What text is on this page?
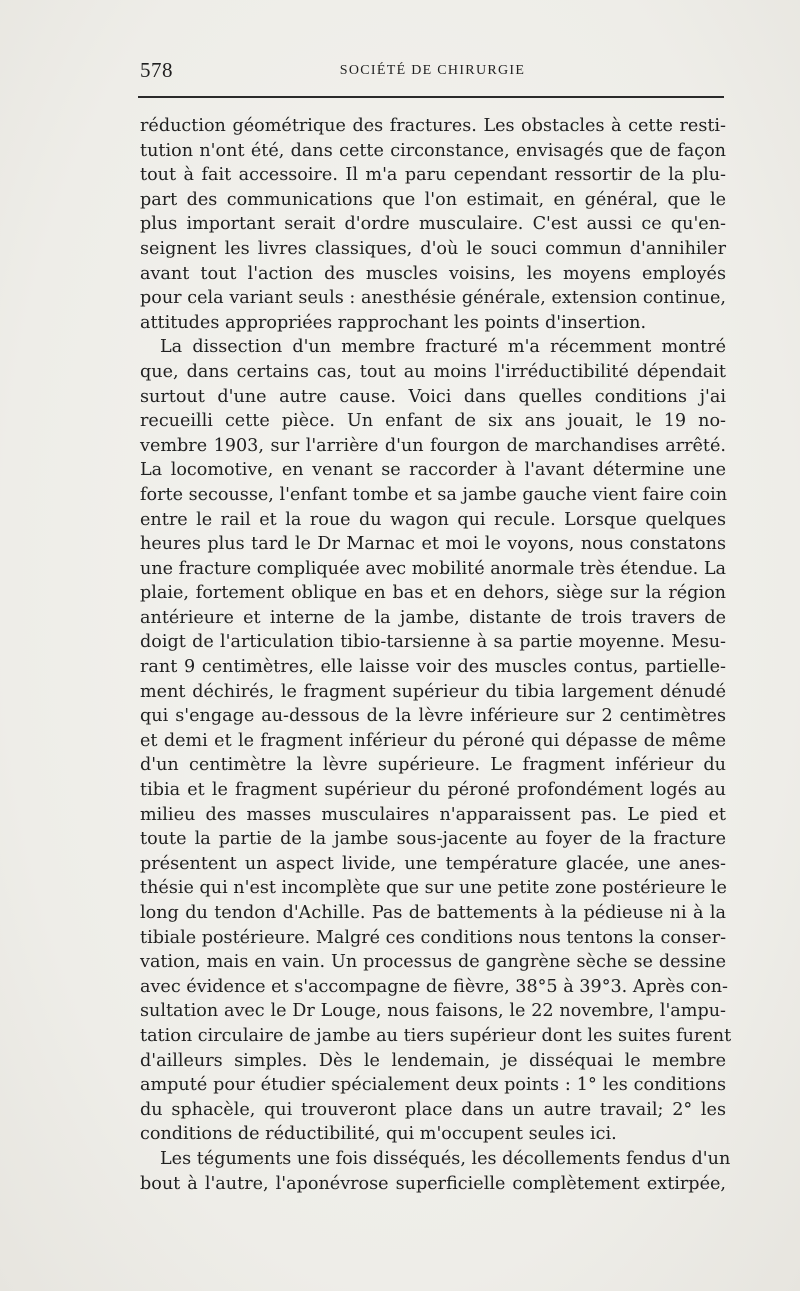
578	SOCIÉTÉ DE CHIRURGIE
réduction géométrique des fractures. Les obstacles à cette resti-
tution n'ont été, dans cette circonstance, envisagés que de façon
tout à fait accessoire. Il m'a paru cependant ressortir de la plu-
part des communications que l'on estimait, en général, que le
plus important serait d'ordre musculaire. C'est aussi ce qu'en-
seignent les livres classiques, d'où le souci commun d'annihiler
avant tout l'action des muscles voisins, les moyens employés
pour cela variant seuls : anesthésie générale, extension continue,
attitudes appropriées rapprochant les points d'insertion.
La dissection d'un membre fracturé m'a récemment montré
que, dans certains cas, tout au moins l'irréductibilité dépendait
surtout d'une autre cause. Voici dans quelles conditions j'ai
recueilli cette pièce. Un enfant de six ans jouait, le 19 no-
vembre 1903, sur l'arrière d'un fourgon de marchandises arrêté.
La locomotive, en venant se raccorder à l'avant détermine une
forte secousse, l'enfant tombe et sa jambe gauche vient faire coin
entre le rail et la roue du wagon qui recule. Lorsque quelques
heures plus tard le Dr Marnac et moi le voyons, nous constatons
une fracture compliquée avec mobilité anormale très étendue. La
plaie, fortement oblique en bas et en dehors, siège sur la région
antérieure et interne de la jambe, distante de trois travers de
doigt de l'articulation tibio-tarsienne à sa partie moyenne. Mesu-
rant 9 centimètres, elle laisse voir des muscles contus, partielle-
ment déchirés, le fragment supérieur du tibia largement dénudé
qui s'engage au-dessous de la lèvre inférieure sur 2 centimètres
et demi et le fragment inférieur du péroné qui dépasse de même
d'un centimètre la lèvre supérieure. Le fragment inférieur du
tibia et le fragment supérieur du péroné profondément logés au
milieu des masses musculaires n'apparaissent pas. Le pied et
toute la partie de la jambe sous-jacente au foyer de la fracture
présentent un aspect livide, une température glacée, une anes-
thésie qui n'est incomplète que sur une petite zone postérieure le
long du tendon d'Achille. Pas de battements à la pédieuse ni à la
tibiale postérieure. Malgré ces conditions nous tentons la conser-
vation, mais en vain. Un processus de gangrène sèche se dessine
avec évidence et s'accompagne de fièvre, 38°5 à 39°3. Après con-
sultation avec le Dr Louge, nous faisons, le 22 novembre, l'ampu-
tation circulaire de jambe au tiers supérieur dont les suites furent
d'ailleurs simples. Dès le lendemain, je disséquai le membre
amputé pour étudier spécialement deux points : 1° les conditions
du sphacèle, qui trouveront place dans un autre travail; 2° les
conditions de réductibilité, qui m'occupent seules ici.
Les téguments une fois disséqués, les décollements fendus d'un
bout à l'autre, l'aponévrose superficielle complètement extirpée,
